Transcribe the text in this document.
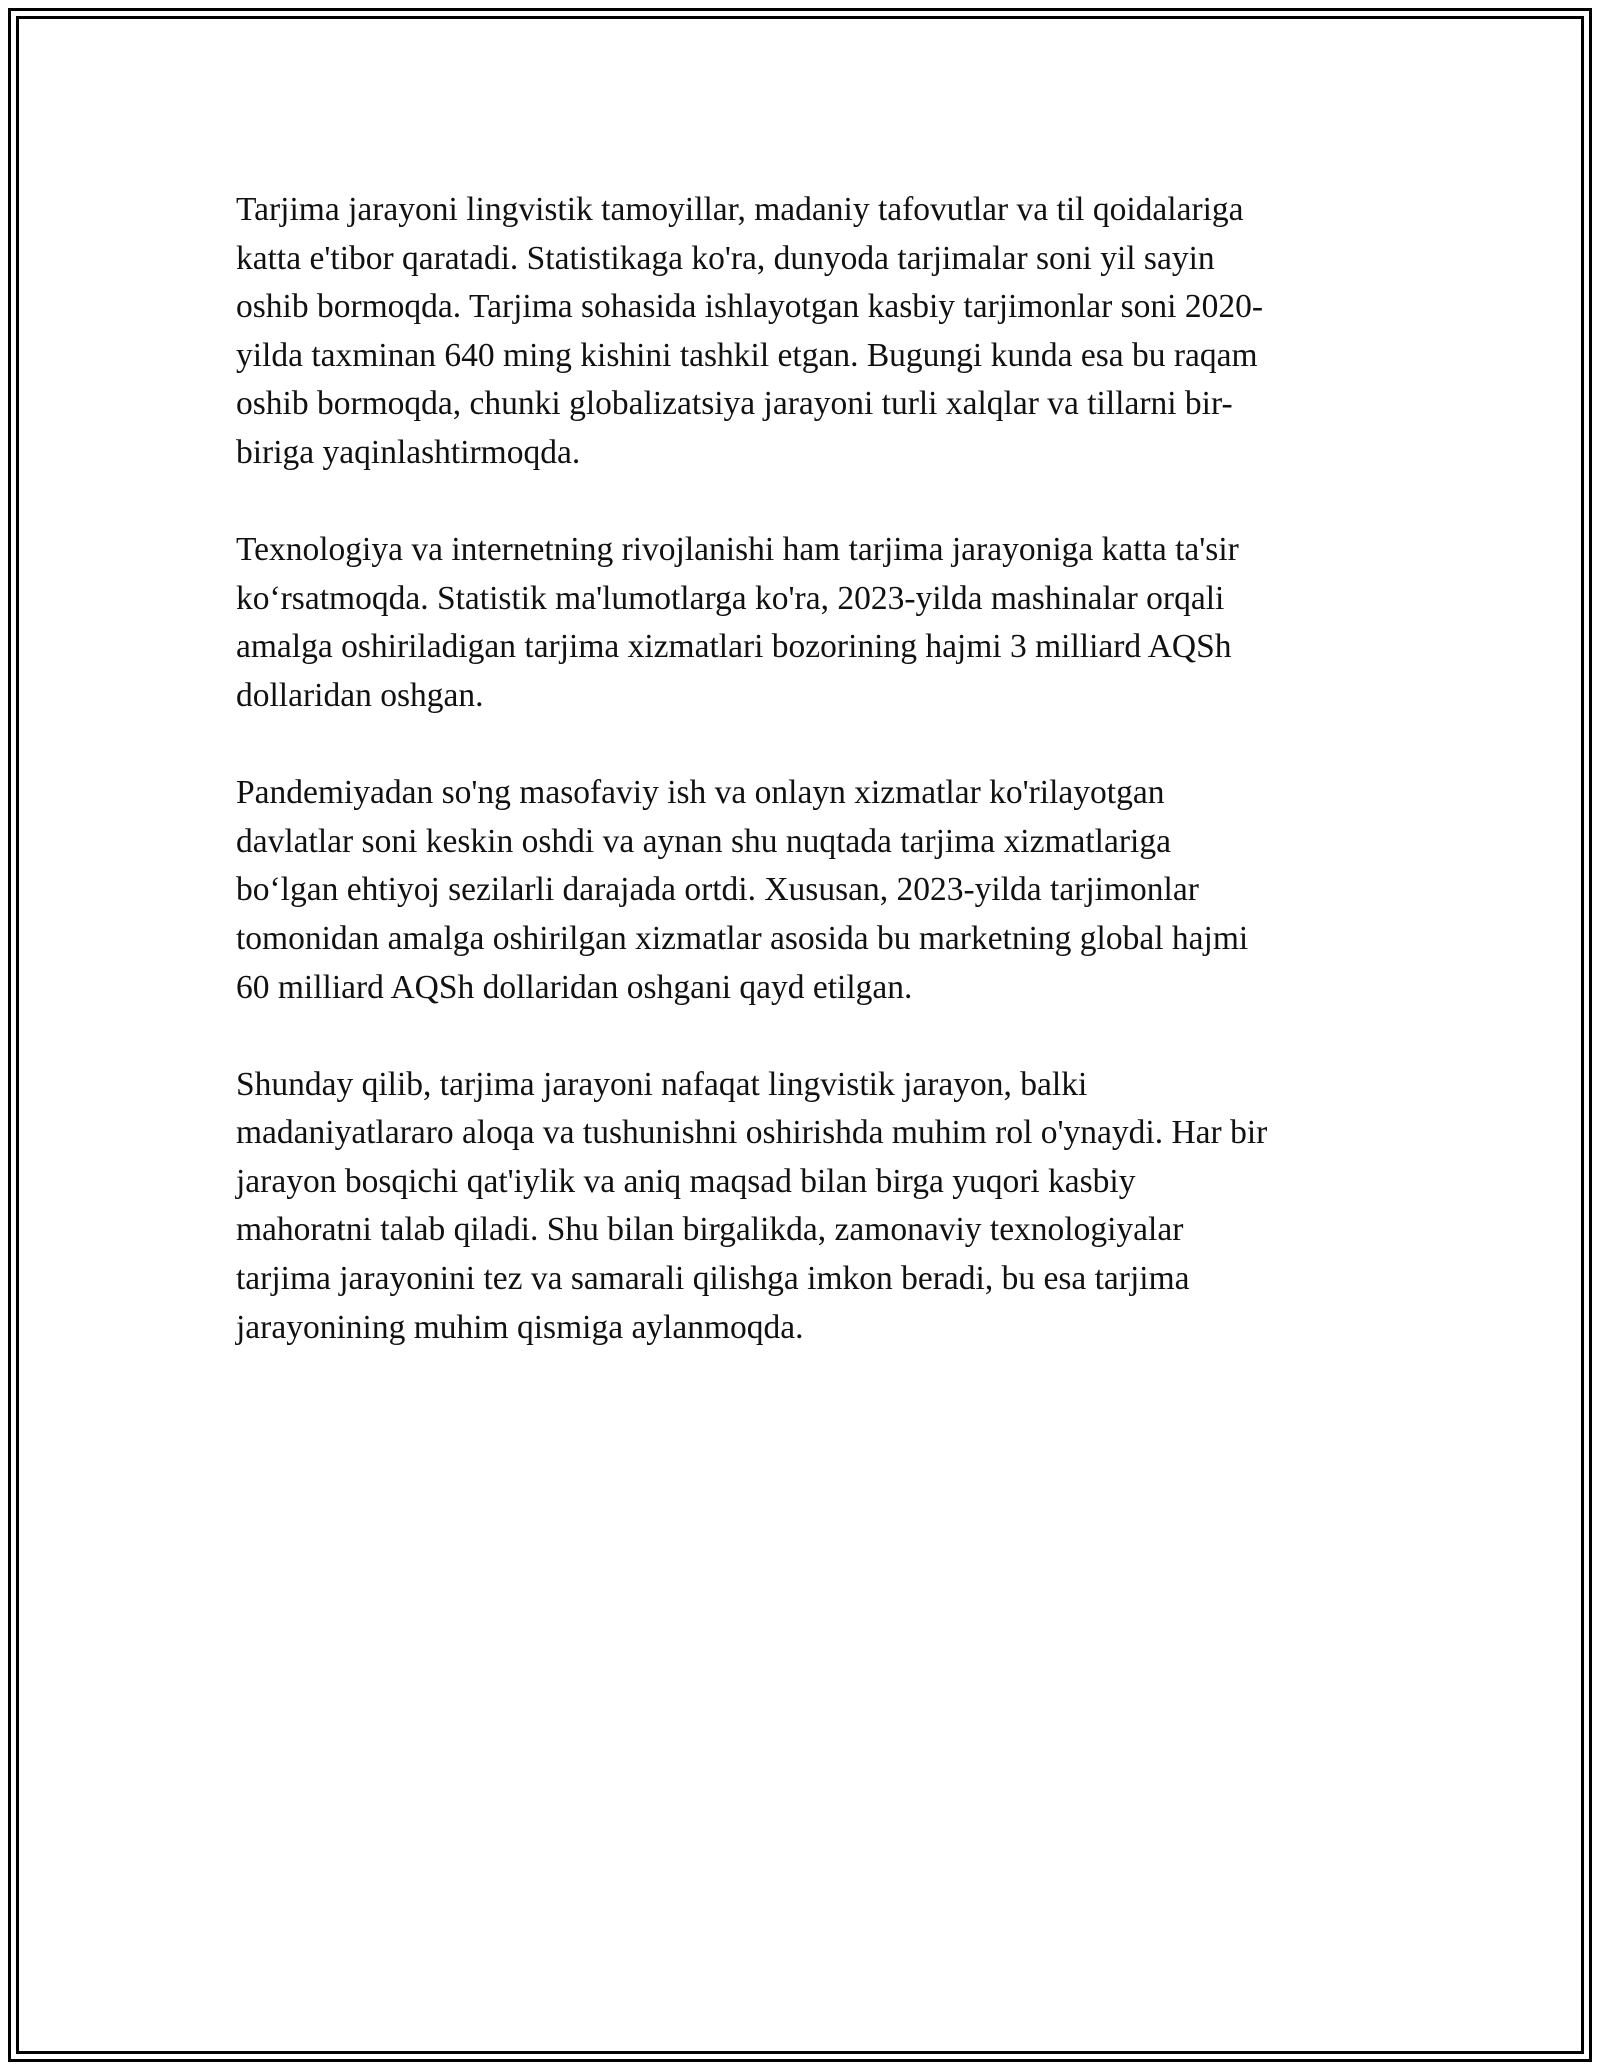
Tarjima jarayoni lingvistik tamoyillar, madaniy tafovutlar va til qoidalariga
katta e'tibor qaratadi. Statistikaga ko'ra, dunyoda tarjimalar soni yil sayin
oshib bormoqda. Tarjima sohasida ishlayotgan kasbiy tarjimonlar soni 2020-
yilda taxminan 640 ming kishini tashkil etgan. Bugungi kunda esa bu raqam
oshib bormoqda, chunki globalizatsiya jarayoni turli xalqlar va tillarni bir-
biriga yaqinlashtirmoqda.

Texnologiya va internetning rivojlanishi ham tarjima jarayoniga katta ta'sir
ko‘rsatmoqda. Statistik ma'lumotlarga ko'ra, 2023-yilda mashinalar orqali
amalga oshiriladigan tarjima xizmatlari bozorining hajmi 3 milliard AQSh
dollaridan oshgan.

Pandemiyadan so'ng masofaviy ish va onlayn xizmatlar ko'rilayotgan
davlatlar soni keskin oshdi va aynan shu nuqtada tarjima xizmatlariga
bo‘lgan ehtiyoj sezilarli darajada ortdi. Xususan, 2023-yilda tarjimonlar
tomonidan amalga oshirilgan xizmatlar asosida bu marketning global hajmi
60 milliard AQSh dollaridan oshgani qayd etilgan.

Shunday qilib, tarjima jarayoni nafaqat lingvistik jarayon, balki
madaniyatlararo aloqa va tushunishni oshirishda muhim rol o'ynaydi. Har bir
jarayon bosqichi qat'iylik va aniq maqsad bilan birga yuqori kasbiy
mahoratni talab qiladi. Shu bilan birgalikda, zamonaviy texnologiyalar
tarjima jarayonini tez va samarali qilishga imkon beradi, bu esa tarjima
jarayonining muhim qismiga aylanmoqda.
